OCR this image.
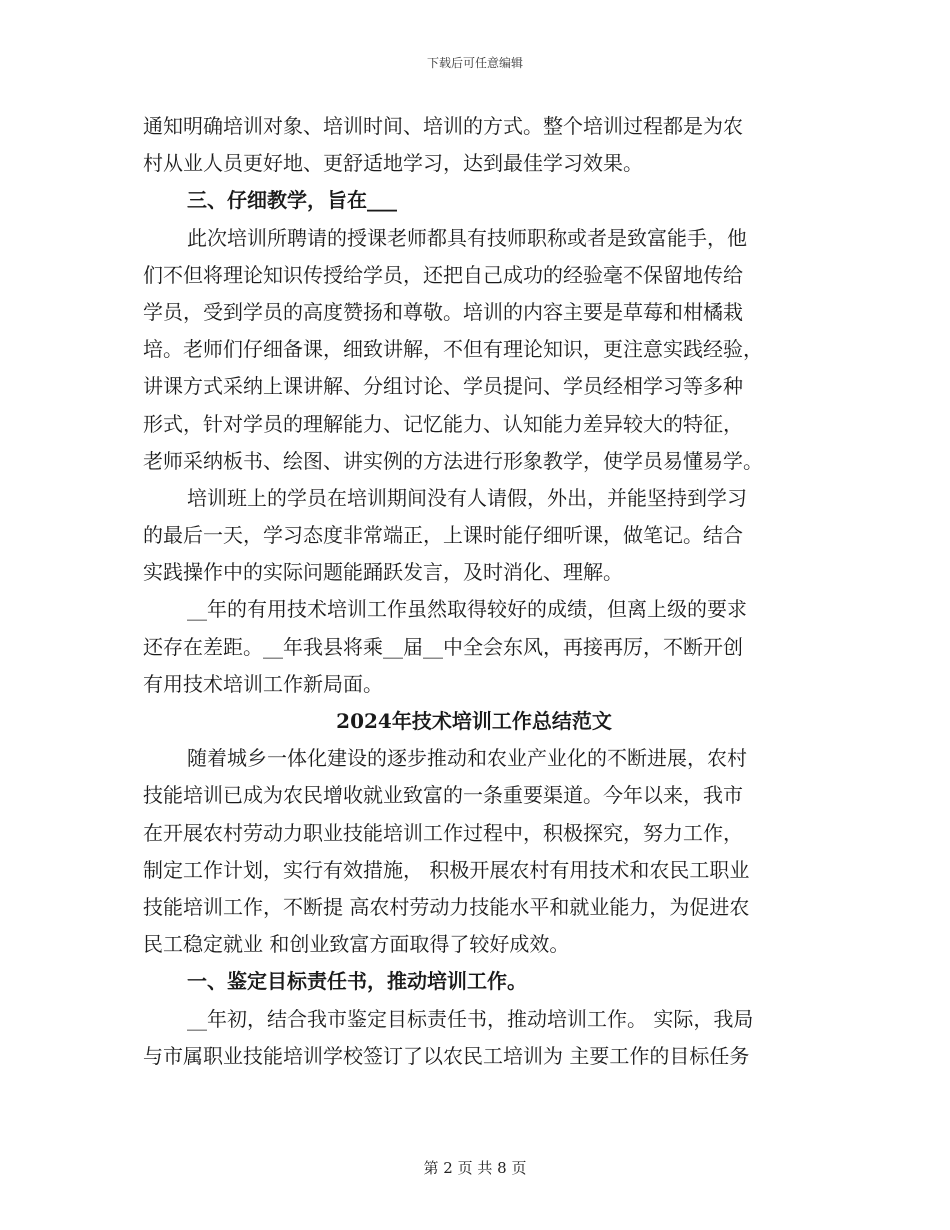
下载后可任意编辑
通知明确培训对象、培训时间、培训的方式。整个培训过程都是为农
村从业人员更好地、更舒适地学习，达到最佳学习效果。
三、仔细教学，旨在___
此次培训所聘请的授课老师都具有技师职称或者是致富能手，他
们不但将理论知识传授给学员，还把自己成功的经验毫不保留地传给
学员，受到学员的高度赞扬和尊敬。培训的内容主要是草莓和柑橘栽
培。老师们仔细备课，细致讲解，不但有理论知识，更注意实践经验，
讲课方式采纳上课讲解、分组讨论、学员提问、学员经相学习等多种
形式，针对学员的理解能力、记忆能力、认知能力差异较大的特征，
老师采纳板书、绘图、讲实例的方法进行形象教学，使学员易懂易学。
培训班上的学员在培训期间没有人请假，外出，并能坚持到学习
的最后一天，学习态度非常端正，上课时能仔细听课，做笔记。结合
实践操作中的实际问题能踊跃发言，及时消化、理解。
__年的有用技术培训工作虽然取得较好的成绩，但离上级的要求
还存在差距。__年我县将乘__届__中全会东风，再接再厉，不断开创
有用技术培训工作新局面。
2024年技术培训工作总结范文
随着城乡一体化建设的逐步推动和农业产业化的不断进展，农村
技能培训已成为农民增收就业致富的一条重要渠道。今年以来，我市
在开展农村劳动力职业技能培训工作过程中，积极探究，努力工作，
制定工作计划，实行有效措施， 积极开展农村有用技术和农民工职业
技能培训工作，不断提 高农村劳动力技能水平和就业能力，为促进农
民工稳定就业 和创业致富方面取得了较好成效。
一、鉴定目标责任书，推动培训工作。
__年初，结合我市鉴定目标责任书，推动培训工作。 实际，我局
与市属职业技能培训学校签订了以农民工培训为 主要工作的目标任务
第 2 页 共 8 页
